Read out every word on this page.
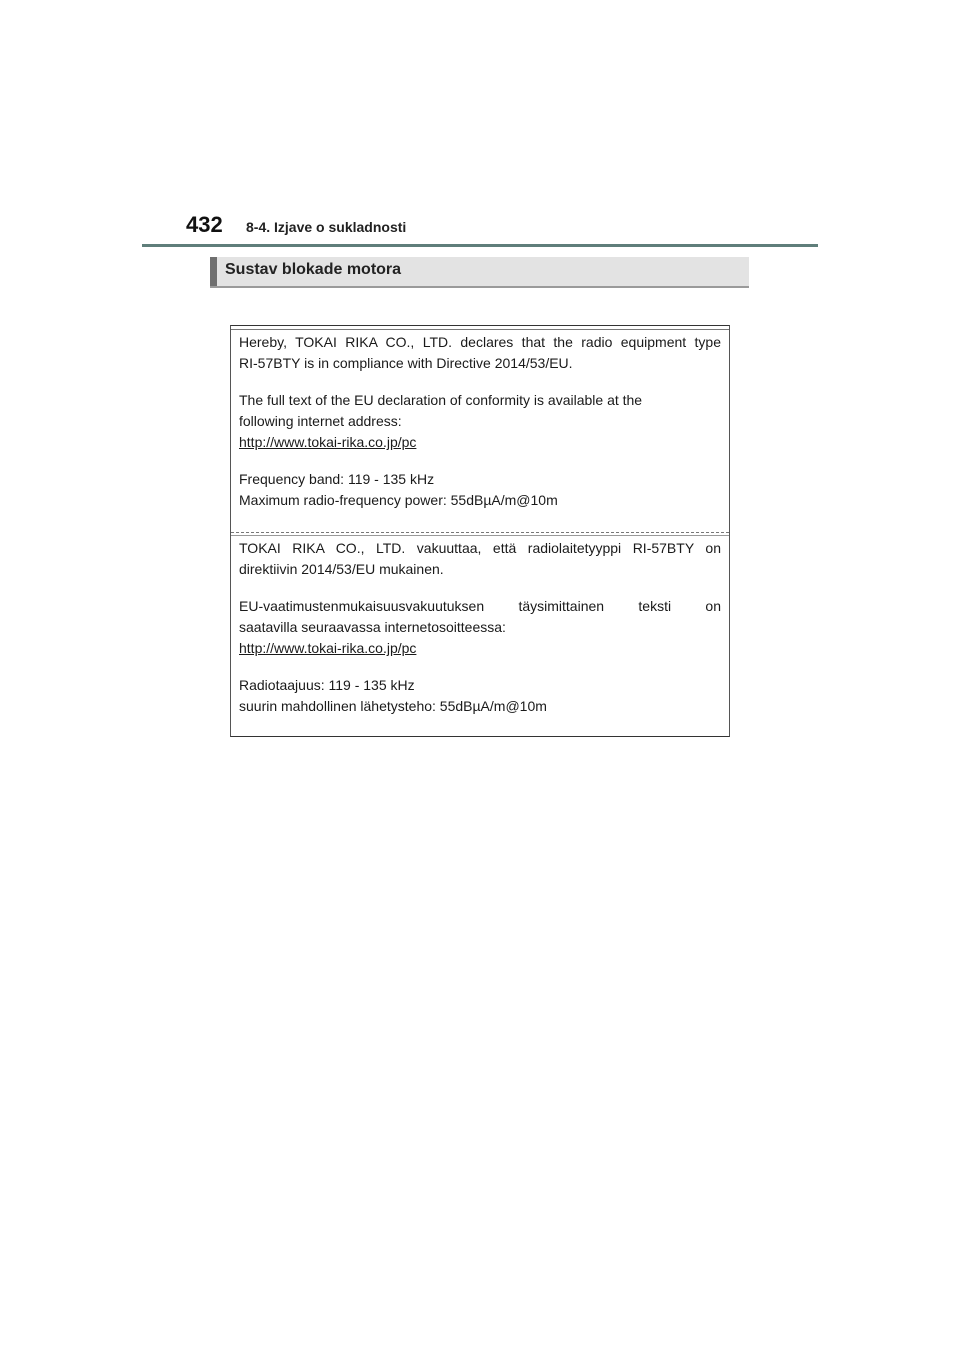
432 8-4. Izjave o sukladnosti
Sustav blokade motora

Hereby, TOKAI RIKA CO., LTD. declares that the radio equipment type

RI-57BTY is in compliance with Directive 2014/53/EU.

The full text of the EU declaration of conformity is available at the

following internet address:

http://www.tokai-rika.co.jp/pc

Frequency band: 119 - 135 kHz

Maximum radio-frequency power: 55dBµA/m@10m

TOKAI RIKA CO., LTD. vakuuttaa, että radiolaitetyyppi RI-57BTY on

direktiivin 2014/53/EU mukainen.

EU-vaatimustenmukaisuusvakuutuksen täysimittainen teksti on

saatavilla seuraavassa internetosoitteessa:

http://www.tokai-rika.co.jp/pc

Radiotaajuus: 119 - 135 kHz

suurin mahdollinen lähetysteho: 55dBµA/m@10m
